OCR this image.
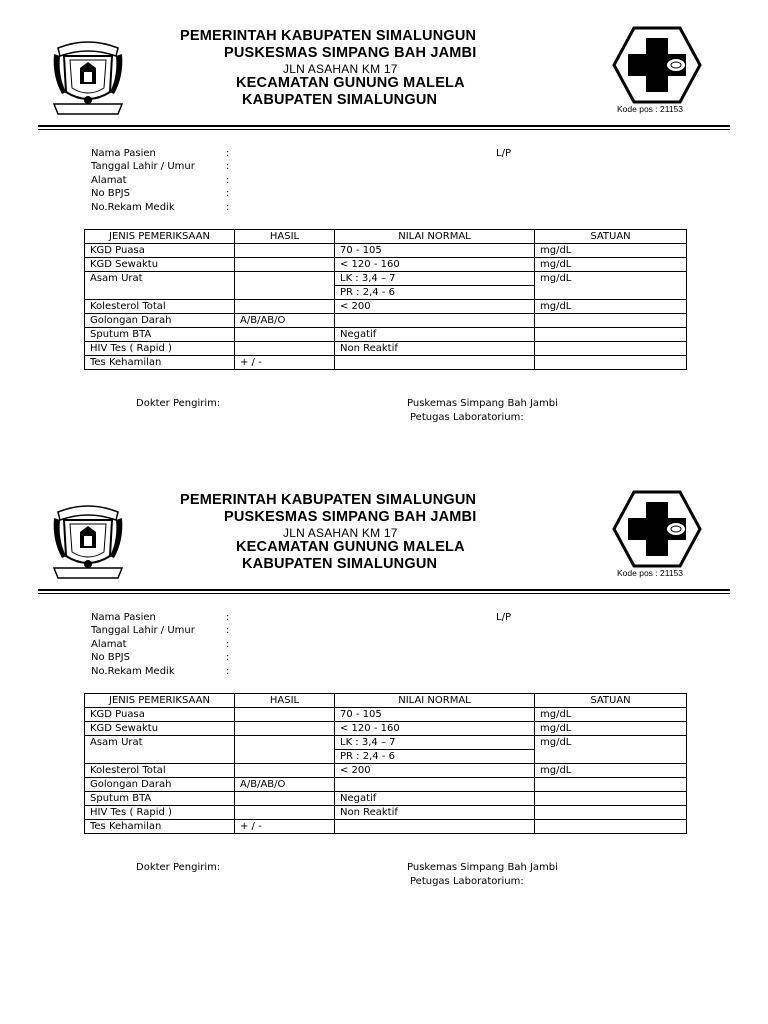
PEMERINTAH KABUPATEN SIMALUNGUN
PUSKESMAS SIMPANG BAH JAMBI
JLN ASAHAN KM 17
KECAMATAN GUNUNG MALELA
KABUPATEN SIMALUNGUN
Kode pos : 21153
Nama Pasien	:
Tanggal Lahir / Umur	:
Alamat	:
No BPJS	:
No.Rekam Medik	:
L/P
JENIS PEMERIKSAAN	HASIL	NILAI NORMAL	SATUAN
KGD Puasa		70 - 105	mg/dL
KGD Sewaktu		< 120 - 160	mg/dL
Asam Urat		LK : 3,4 – 7	mg/dL
		PR : 2,4 - 6	
Kolesterol Total		< 200	mg/dL
Golongan Darah	A/B/AB/O		
Sputum BTA		Negatif	
HIV Tes ( Rapid )		Non Reaktif	
Tes Kehamilan	+ / -		
Dokter Pengirim:	Puskemas Simpang Bah Jambi
Petugas Laboratorium:
PEMERINTAH KABUPATEN SIMALUNGUN
PUSKESMAS SIMPANG BAH JAMBI
JLN ASAHAN KM 17
KECAMATAN GUNUNG MALELA
KABUPATEN SIMALUNGUN
Kode pos : 21153
Nama Pasien	:
Tanggal Lahir / Umur	:
Alamat	:
No BPJS	:
No.Rekam Medik	:
L/P
JENIS PEMERIKSAAN	HASIL	NILAI NORMAL	SATUAN
KGD Puasa		70 - 105	mg/dL
KGD Sewaktu		< 120 - 160	mg/dL
Asam Urat		LK : 3,4 – 7	mg/dL
		PR : 2,4 - 6	
Kolesterol Total		< 200	mg/dL
Golongan Darah	A/B/AB/O		
Sputum BTA		Negatif	
HIV Tes ( Rapid )		Non Reaktif	
Tes Kehamilan	+ / -		
Dokter Pengirim:	Puskemas Simpang Bah Jambi
Petugas Laboratorium:
